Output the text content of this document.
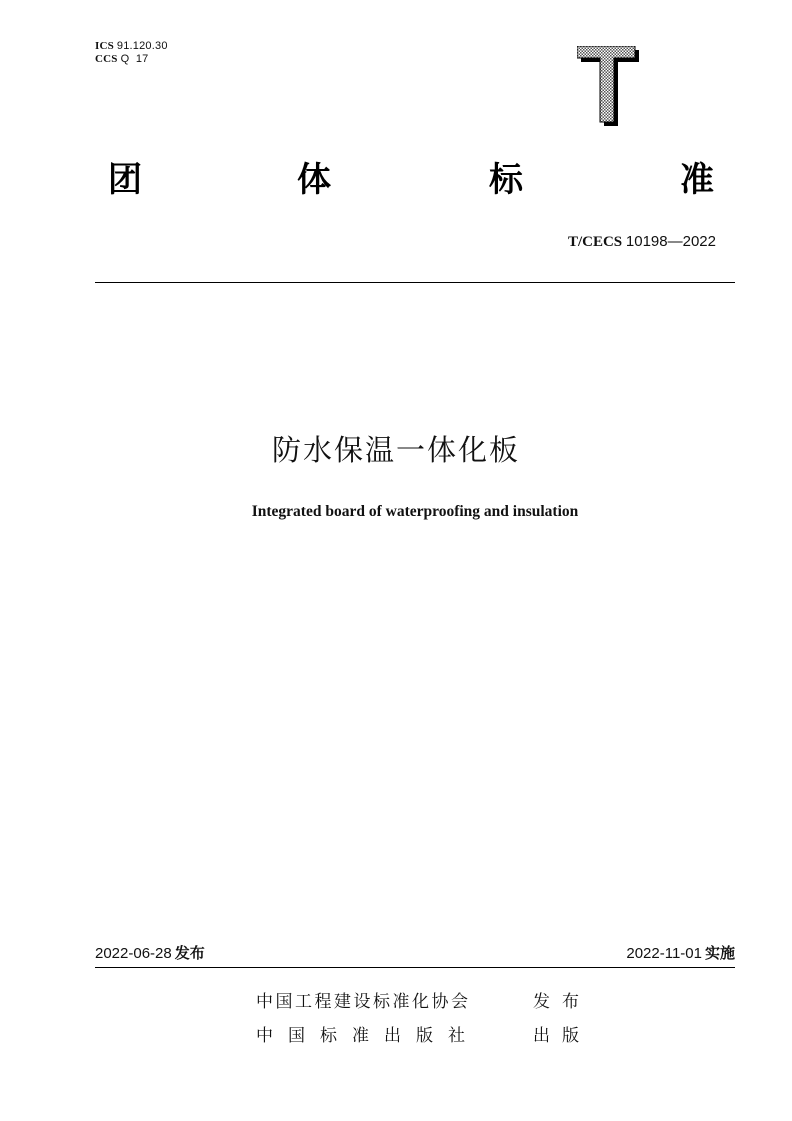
ICS 91.120.30
CCS Q  17
团	体	标	准
T/CECS 10198—2022
防水保温一体化板
Integrated board of waterproofing and insulation
2022-06-28 发布	2022-11-01 实施
中国工程建设标准化协会	发布
中国标准出版社	出版
